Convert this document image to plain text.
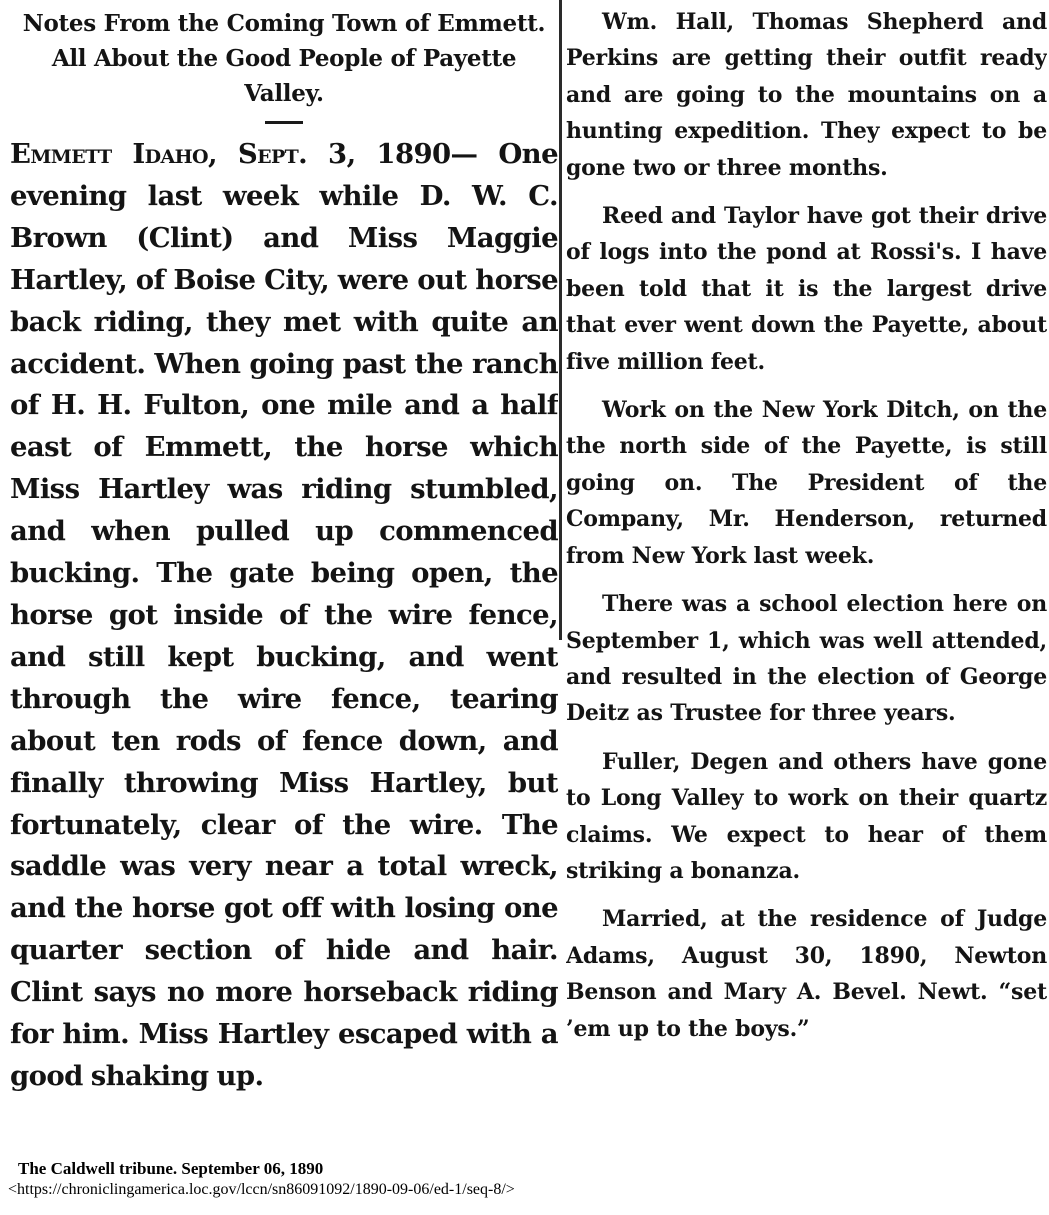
Notes From the Coming Town of Emmett. All About the Good People of Payette Valley.

Emmett Idaho, Sept. 3, 1890— One evening last week while D. W. C. Brown (Clint) and Miss Maggie Hartley, of Boise City, were out horse back riding, they met with quite an accident. When going past the ranch of H. H. Fulton, one mile and a half east of Emmett, the horse which Miss Hartley was riding stumbled, and when pulled up commenced bucking. The gate being open, the horse got inside of the wire fence, and still kept bucking, and went through the wire fence, tearing about ten rods of fence down, and finally throwing Miss Hartley, but fortunately, clear of the wire. The saddle was very near a total wreck, and the horse got off with losing one quarter section of hide and hair. Clint says no more horseback riding for him. Miss Hartley escaped with a good shaking up.

Wm. Hall, Thomas Shepherd and Perkins are getting their outfit ready and are going to the mountains on a hunting expedition. They expect to be gone two or three months.

Reed and Taylor have got their drive of logs into the pond at Rossi's. I have been told that it is the largest drive that ever went down the Payette, about five million feet.

Work on the New York Ditch, on the the north side of the Payette, is still going on. The President of the Company, Mr. Henderson, returned from New York last week.

There was a school election here on September 1, which was well attended, and resulted in the election of George Deitz as Trustee for three years.

Fuller, Degen and others have gone to Long Valley to work on their quartz claims. We expect to hear of them striking a bonanza.

Married, at the residence of Judge Adams, August 30, 1890, Newton Benson and Mary A. Bevel. Newt. “set ’em up to the boys.”

The Caldwell tribune. September 06, 1890

<https://chroniclingamerica.loc.gov/lccn/sn86091092/1890-09-06/ed-1/seq-8/>
